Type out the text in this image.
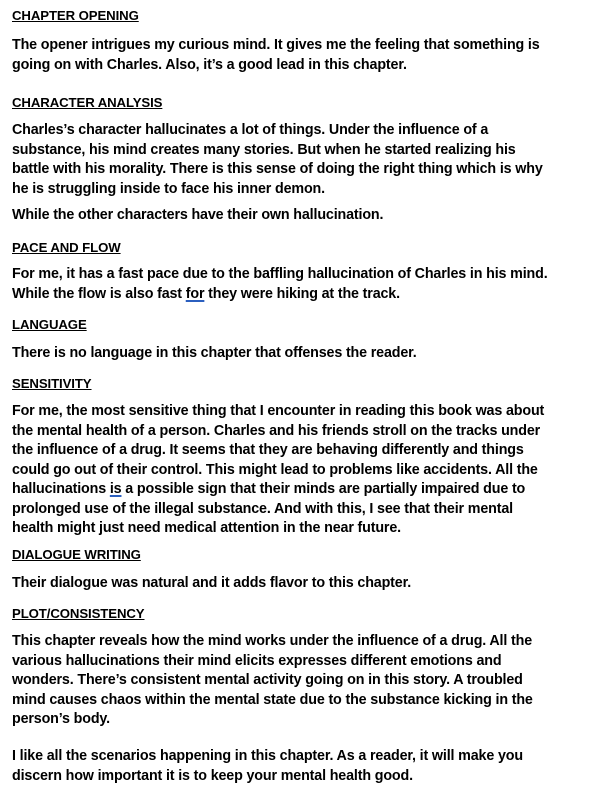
CHAPTER OPENING
The opener intrigues my curious mind. It gives me the feeling that something is
going on with Charles. Also, it’s a good lead in this chapter.
CHARACTER ANALYSIS
Charles’s character hallucinates a lot of things. Under the influence of a
substance, his mind creates many stories. But when he started realizing his
battle with his morality. There is this sense of doing the right thing which is why
he is struggling inside to face his inner demon.
While the other characters have their own hallucination.
PACE AND FLOW
For me, it has a fast pace due to the baffling hallucination of Charles in his mind.
While the flow is also fast for they were hiking at the track.
LANGUAGE
There is no language in this chapter that offenses the reader.
SENSITIVITY
For me, the most sensitive thing that I encounter in reading this book was about
the mental health of a person. Charles and his friends stroll on the tracks under
the influence of a drug. It seems that they are behaving differently and things
could go out of their control. This might lead to problems like accidents. All the
hallucinations is a possible sign that their minds are partially impaired due to
prolonged use of the illegal substance. And with this, I see that their mental
health might just need medical attention in the near future.
DIALOGUE WRITING
Their dialogue was natural and it adds flavor to this chapter.
PLOT/CONSISTENCY
This chapter reveals how the mind works under the influence of a drug. All the
various hallucinations their mind elicits expresses different emotions and
wonders. There’s consistent mental activity going on in this story. A troubled
mind causes chaos within the mental state due to the substance kicking in the
person’s body.
I like all the scenarios happening in this chapter. As a reader, it will make you
discern how important it is to keep your mental health good.
